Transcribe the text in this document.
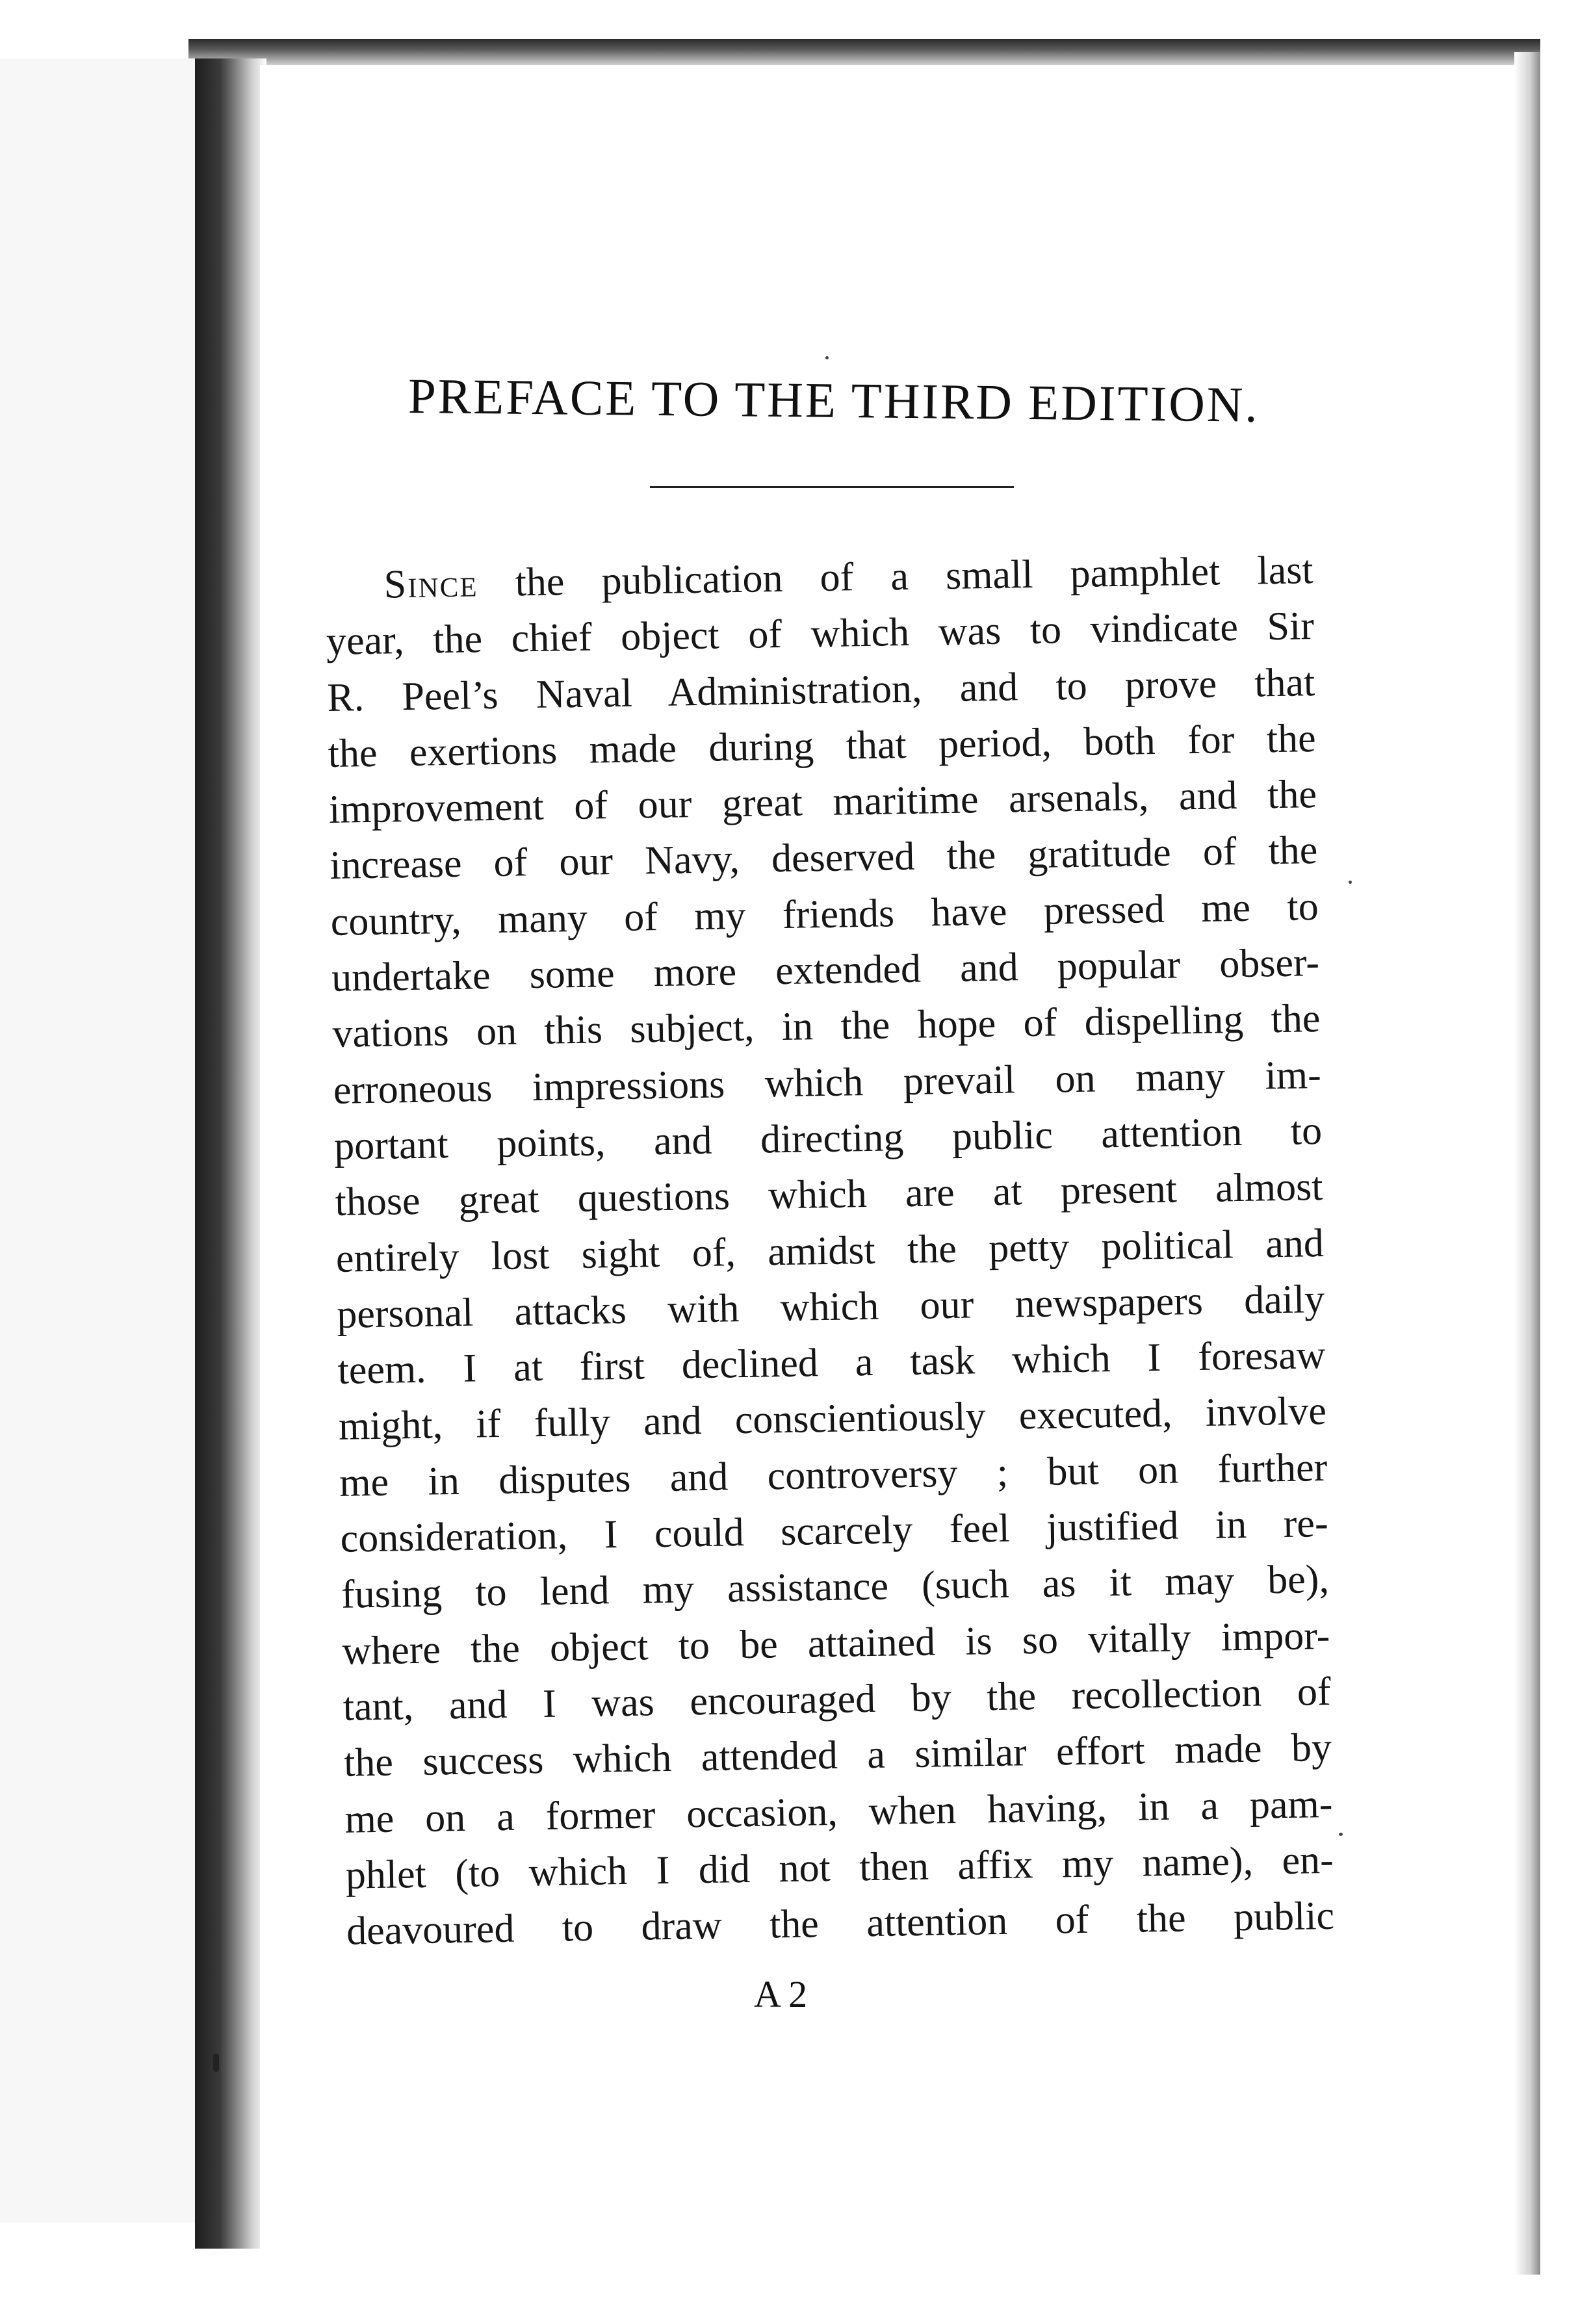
PREFACE TO THE THIRD EDITION.
Since the publication of a small pamphlet last
year, the chief object of which was to vindicate Sir
R. Peel’s Naval Administration, and to prove that
the exertions made during that period, both for the
improvement of our great maritime arsenals, and the
increase of our Navy, deserved the gratitude of the
country, many of my friends have pressed me to
undertake some more extended and popular obser-
vations on this subject, in the hope of dispelling the
erroneous impressions which prevail on many im-
portant points, and directing public attention to
those great questions which are at present almost
entirely lost sight of, amidst the petty political and
personal attacks with which our newspapers daily
teem. I at first declined a task which I foresaw
might, if fully and conscientiously executed, involve
me in disputes and controversy ; but on further
consideration, I could scarcely feel justified in re-
fusing to lend my assistance (such as it may be),
where the object to be attained is so vitally impor-
tant, and I was encouraged by the recollection of
the success which attended a similar effort made by
me on a former occasion, when having, in a pam-
phlet (to which I did not then affix my name), en-
deavoured to draw the attention of the public
A 2
